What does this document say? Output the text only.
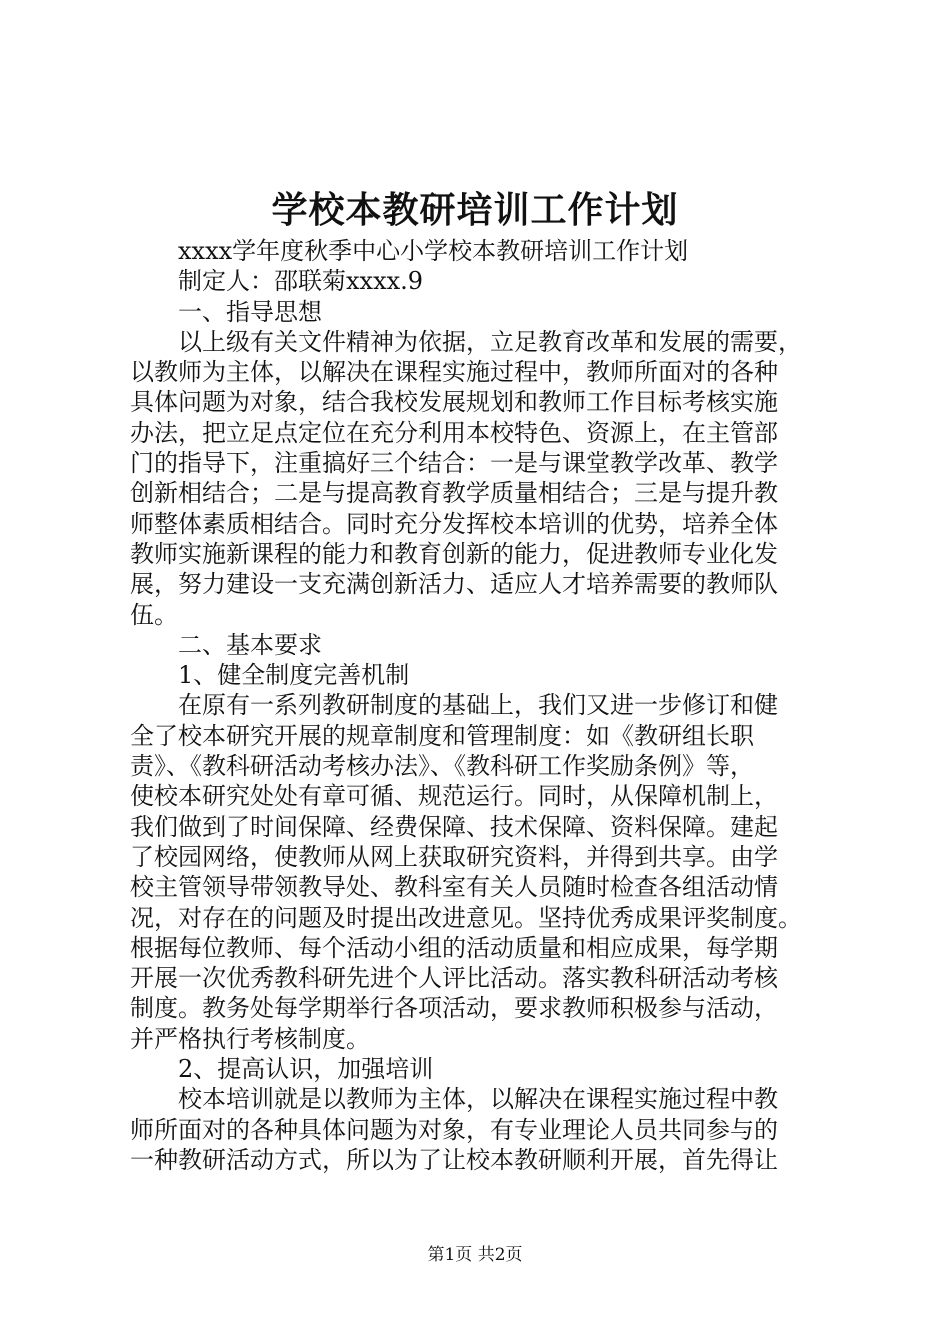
学校本教研培训工作计划
xxxx学年度秋季中心小学校本教研培训工作计划
制定人：邵联菊xxxx.9
一、指导思想
以上级有关文件精神为依据，立足教育改革和发展的需要，
以教师为主体，以解决在课程实施过程中，教师所面对的各种
具体问题为对象，结合我校发展规划和教师工作目标考核实施
办法，把立足点定位在充分利用本校特色、资源上，在主管部
门的指导下，注重搞好三个结合：一是与课堂教学改革、教学
创新相结合；二是与提高教育教学质量相结合；三是与提升教
师整体素质相结合。同时充分发挥校本培训的优势，培养全体
教师实施新课程的能力和教育创新的能力，促进教师专业化发
展，努力建设一支充满创新活力、适应人才培养需要的教师队
伍。
二、基本要求
1、健全制度完善机制
在原有一系列教研制度的基础上，我们又进一步修订和健
全了校本研究开展的规章制度和管理制度：如《教研组长职
责》、《教科研活动考核办法》、《教科研工作奖励条例》等，
使校本研究处处有章可循、规范运行。同时，从保障机制上，
我们做到了时间保障、经费保障、技术保障、资料保障。建起
了校园网络，使教师从网上获取研究资料，并得到共享。由学
校主管领导带领教导处、教科室有关人员随时检查各组活动情
况，对存在的问题及时提出改进意见。坚持优秀成果评奖制度。
根据每位教师、每个活动小组的活动质量和相应成果，每学期
开展一次优秀教科研先进个人评比活动。落实教科研活动考核
制度。教务处每学期举行各项活动，要求教师积极参与活动，
并严格执行考核制度。
2、提高认识，加强培训
校本培训就是以教师为主体，以解决在课程实施过程中教
师所面对的各种具体问题为对象，有专业理论人员共同参与的
一种教研活动方式，所以为了让校本教研顺利开展，首先得让
第1页 共2页
